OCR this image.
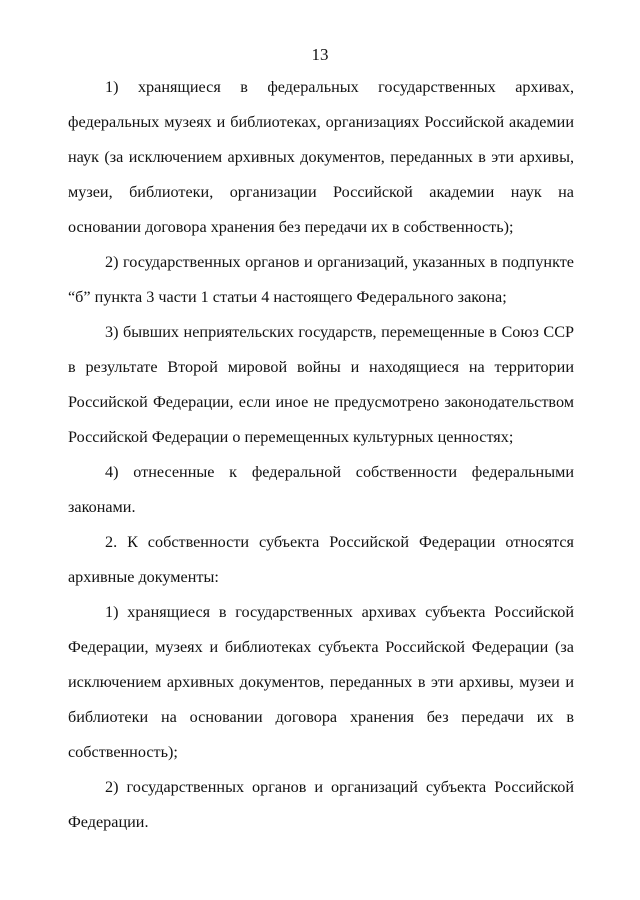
13

1) хранящиеся в федеральных государственных архивах, федеральных музеях и библиотеках, организациях Российской академии наук (за исключением архивных документов, переданных в эти архивы, музеи, библиотеки, организации Российской академии наук на основании договора хранения без передачи их в собственность);

2) государственных органов и организаций, указанных в подпункте “б” пункта 3 части 1 статьи 4 настоящего Федерального закона;

3) бывших неприятельских государств, перемещенные в Союз ССР в результате Второй мировой войны и находящиеся на территории Российской Федерации, если иное не предусмотрено законодательством Российской Федерации о перемещенных культурных ценностях;

4) отнесенные к федеральной собственности федеральными законами.

2. К собственности субъекта Российской Федерации относятся архивные документы:

1) хранящиеся в государственных архивах субъекта Российской Федерации, музеях и библиотеках субъекта Российской Федерации (за исключением архивных документов, переданных в эти архивы, музеи и библиотеки на основании договора хранения без передачи их в собственность);

2) государственных органов и организаций субъекта Российской Федерации.
